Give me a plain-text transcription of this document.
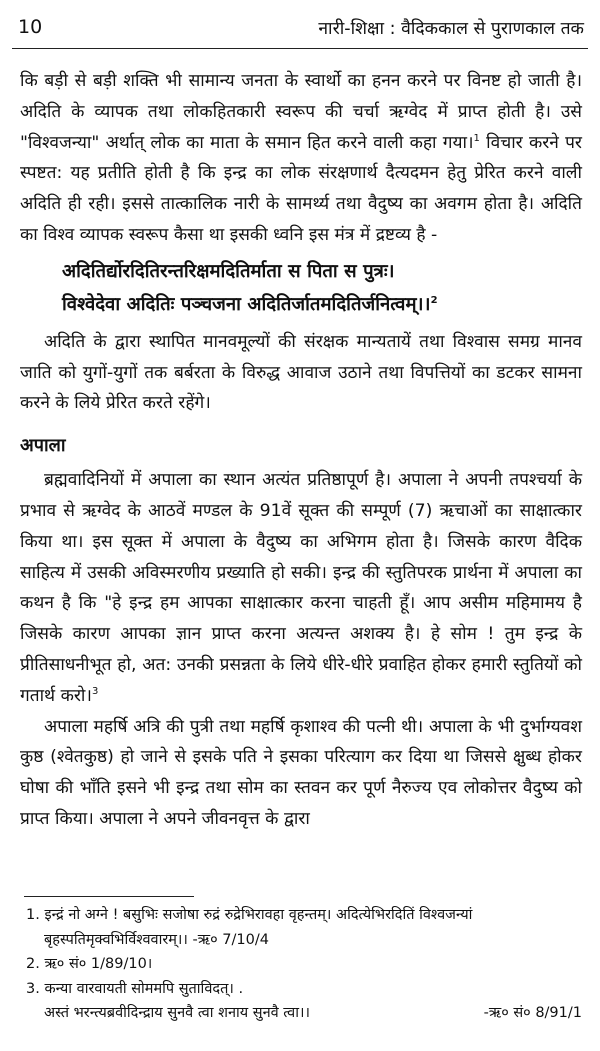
10	नारी-शिक्षा : वैदिककाल से पुराणकाल तक

कि बड़ी से बड़ी शक्ति भी सामान्य जनता के स्वार्थो का हनन करने पर विनष्ट हो जाती है। अदिति के व्यापक तथा लोकहितकारी स्वरूप की चर्चा ऋग्वेद में प्राप्त होती है। उसे "विश्वजन्या" अर्थात् लोक का माता के समान हित करने वाली कहा गया।$^1$ विचार करने पर स्पष्टत: यह प्रतीति होती है कि इन्द्र का लोक संरक्षणार्थ दैत्यदमन हेतु प्रेरित करने वाली अदिति ही रही। इससे तात्कालिक नारी के सामर्थ्य तथा वैदुष्य का अवगम होता है। अदिति का विश्व व्यापक स्वरूप कैसा था इसकी ध्वनि इस मंत्र में द्रष्टव्य है -

अदितिर्द्योरदितिरन्तरिक्षमदितिर्माता स पिता स पुत्रः।
विश्वेदेवा अदितिः पञ्चजना अदितिर्जातमदितिर्जनित्वम्।।$^2$

अदिति के द्वारा स्थापित मानवमूल्यों की संरक्षक मान्यतायें तथा विश्वास समग्र मानव जाति को युगों-युगों तक बर्बरता के विरुद्ध आवाज उठाने तथा विपत्तियों का डटकर सामना करने के लिये प्रेरित करते रहेंगे।

अपाला

ब्रह्मवादिनियों में अपाला का स्थान अत्यंत प्रतिष्ठापूर्ण है। अपाला ने अपनी तपश्चर्या के प्रभाव से ऋग्वेद के आठवें मण्डल के 91वें सूक्त की सम्पूर्ण (7) ऋचाओं का साक्षात्कार किया था। इस सूक्त में अपाला के वैदुष्य का अभिगम होता है। जिसके कारण वैदिक साहित्य में उसकी अविस्मरणीय प्रख्याति हो सकी। इन्द्र की स्तुतिपरक प्रार्थना में अपाला का कथन है कि "हे इन्द्र हम आपका साक्षात्कार करना चाहती हूँ। आप असीम महिमामय है जिसके कारण आपका ज्ञान प्राप्त करना अत्यन्त अशक्य है। हे सोम ! तुम इन्द्र के प्रीतिसाधनीभूत हो, अत: उनकी प्रसन्नता के लिये धीरे-धीरे प्रवाहित होकर हमारी स्तुतियों को गतार्थ करो।$^3$

अपाला महर्षि अत्रि की पुत्री तथा महर्षि कृशाश्व की पत्नी थी। अपाला के भी दुर्भाग्यवश कुष्ठ (श्वेतकुष्ठ) हो जाने से इसके पति ने इसका परित्याग कर दिया था जिससे क्षुब्ध होकर घोषा की भाँति इसने भी इन्द्र तथा सोम का स्तवन कर पूर्ण नैरुज्य एव लोकोत्तर वैदुष्य को प्राप्त किया। अपाला ने अपने जीवनवृत्त के द्वारा

1. इन्द्रं नो अग्ने ! बसुभिः सजोषा रुद्रं रुद्रेभिरावहा वृहन्तम्। अदित्येभिरदितिं विश्वजन्यां
बृहस्पतिमृक्वभिर्विश्ववारम्।। -ऋ० 7/10/4
2. ऋ० सं० 1/89/10।
3. कन्या वारवायती सोममपि सुताविदत्। .
अस्तं भरन्त्यब्रवीदिन्द्राय सुनवै त्वा शनाय सुनवै त्वा।।	-ऋ० सं० 8/91/1
